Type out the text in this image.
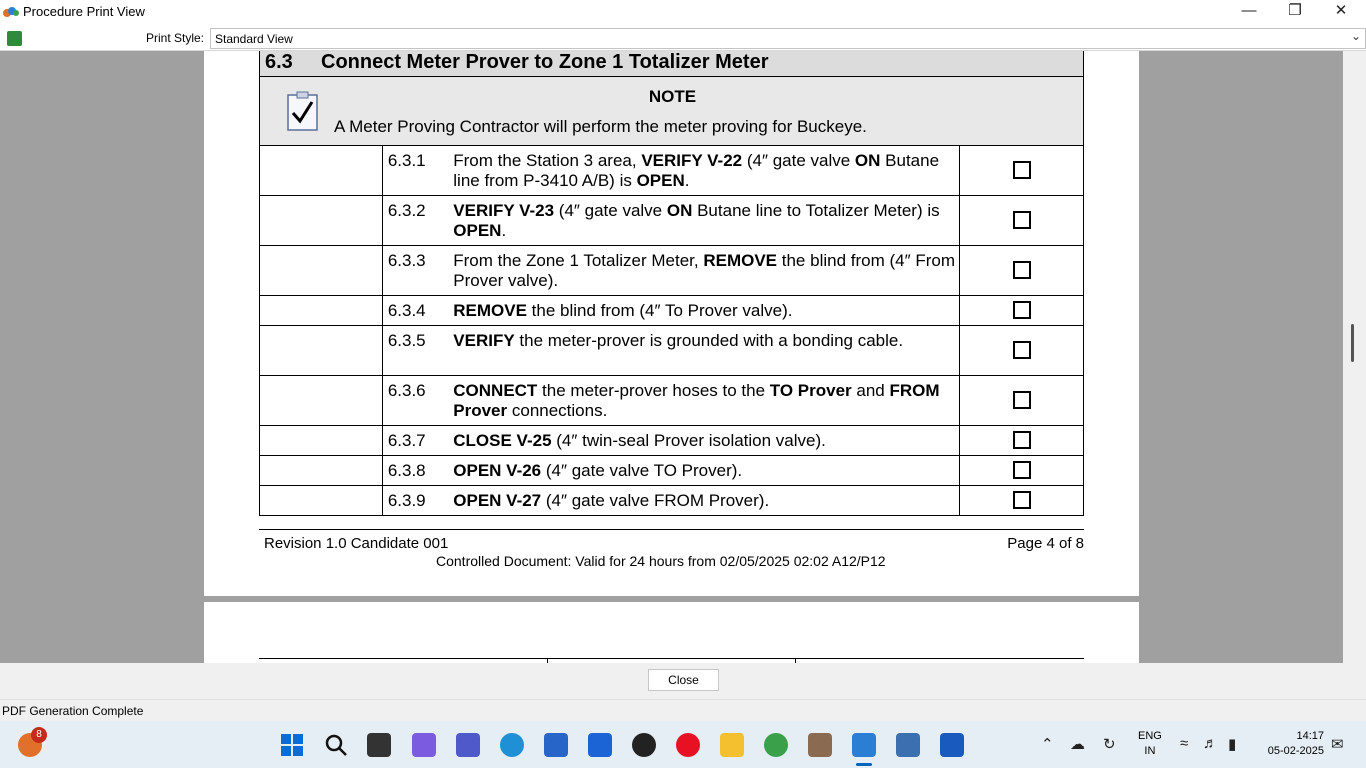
Procedure Print View	—	❐	✕
Print Style: Standard View	⌄
6.3 Connect Meter Prover to Zone 1 Totalizer Meter
NOTE
A Meter Proving Contractor will perform the meter proving for Buckeye.
	6.3.1	From the Station 3 area, VERIFY V-22 (4″ gate valve ON Butane line from P-3410 A/B) is OPEN.	
	6.3.2	VERIFY V-23 (4″ gate valve ON Butane line to Totalizer Meter) is OPEN.	
	6.3.3	From the Zone 1 Totalizer Meter, REMOVE the blind from (4″ From Prover valve).	
	6.3.4	REMOVE the blind from (4″ To Prover valve).	
	6.3.5	VERIFY the meter-prover is grounded with a bonding cable.	
	6.3.6	CONNECT the meter-prover hoses to the TO Prover and FROM Prover connections.	
	6.3.7	CLOSE V-25 (4″ twin-seal Prover isolation valve).	
	6.3.8	OPEN V-26 (4″ gate valve TO Prover).	
	6.3.9	OPEN V-27 (4″ gate valve FROM Prover).	
Revision 1.0 Candidate 001	Page 4 of 8
Controlled Document: Valid for 24 hours from 02/05/2025 02:02 A12/P12
Close
PDF Generation Complete
8
⌃ ☁ ↻ ENG
IN	≈ ♬ ▮	14:17
05-02-2025 ✉
